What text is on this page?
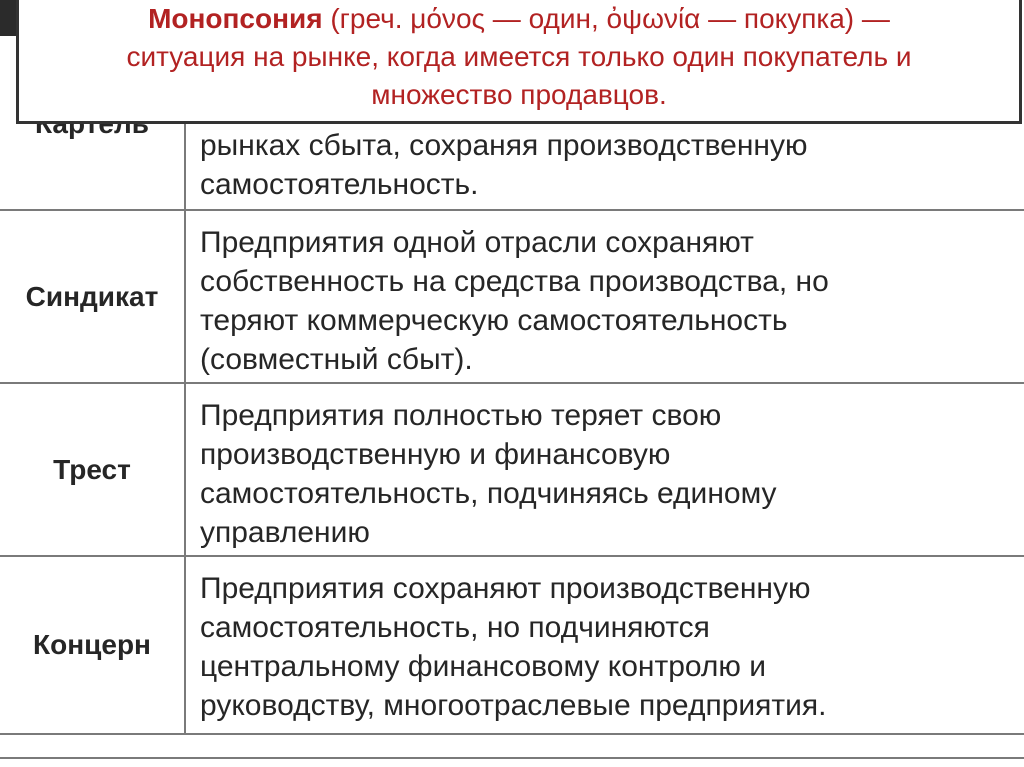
рынках сбыта, сохраняя производственную
самостоятельность.
Синдикат
Предприятия одной отрасли сохраняют
собственность на средства производства, но
теряют коммерческую самостоятельность
(совместный сбыт).
Трест
Предприятия полностью теряет свою
производственную и финансовую
самостоятельность, подчиняясь единому
управлению
Концерн
Предприятия сохраняют производственную
самостоятельность, но подчиняются
центральному финансовому контролю и
руководству, многоотраслевые предприятия.
Монопсония (греч. μόνος — один, ὀψωνία — покупка) —
ситуация на рынке, когда имеется только один покупатель и
множество продавцов.
